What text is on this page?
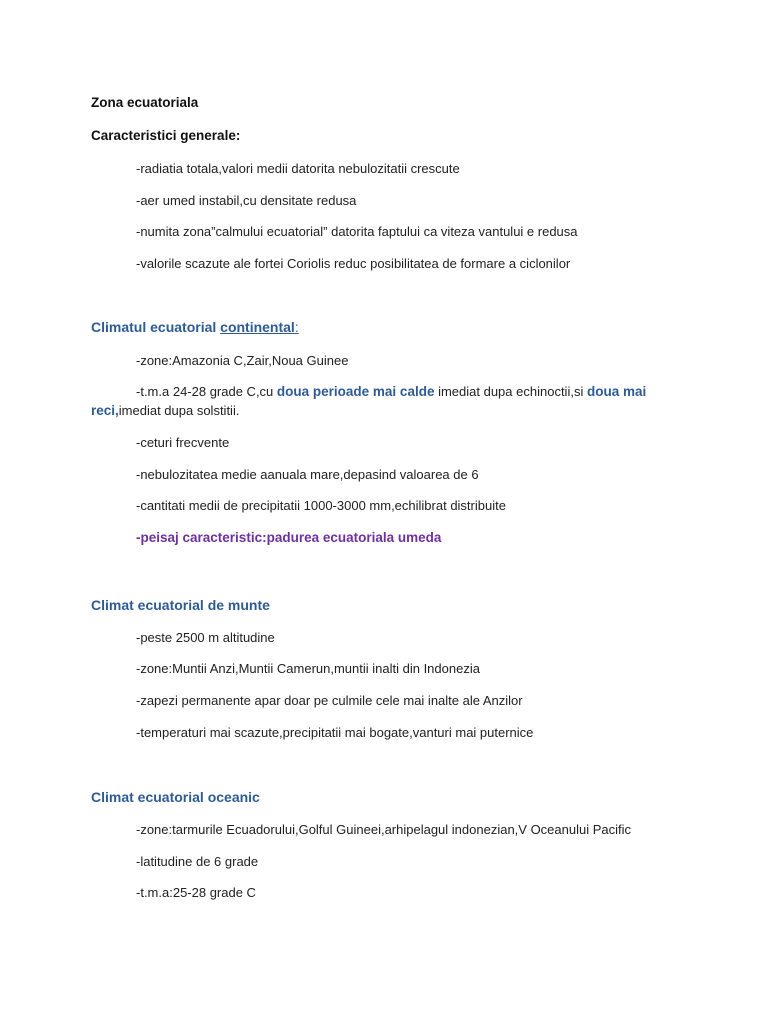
Zona ecuatoriala
Caracteristici generale:
-radiatia totala,valori medii datorita nebulozitatii crescute
-aer umed instabil,cu densitate redusa
-numita zona”calmului ecuatorial” datorita faptului ca viteza vantului e redusa
-valorile scazute ale fortei Coriolis reduc posibilitatea de formare a ciclonilor
Climatul ecuatorial continental:
-zone:Amazonia C,Zair,Noua Guinee
-t.m.a 24-28 grade C,cu doua perioade mai calde imediat dupa echinoctii,si doua mai
reci,imediat dupa solstitii.
-ceturi frecvente
-nebulozitatea medie aanuala mare,depasind valoarea de 6
-cantitati medii de precipitatii 1000-3000 mm,echilibrat distribuite
-peisaj caracteristic:padurea ecuatoriala umeda
Climat ecuatorial de munte
-peste 2500 m altitudine
-zone:Muntii Anzi,Muntii Camerun,muntii inalti din Indonezia
-zapezi permanente apar doar pe culmile cele mai inalte ale Anzilor
-temperaturi mai scazute,precipitatii mai bogate,vanturi mai puternice
Climat ecuatorial oceanic
-zone:tarmurile Ecuadorului,Golful Guineei,arhipelagul indonezian,V Oceanului Pacific
-latitudine de 6 grade
-t.m.a:25-28 grade C
